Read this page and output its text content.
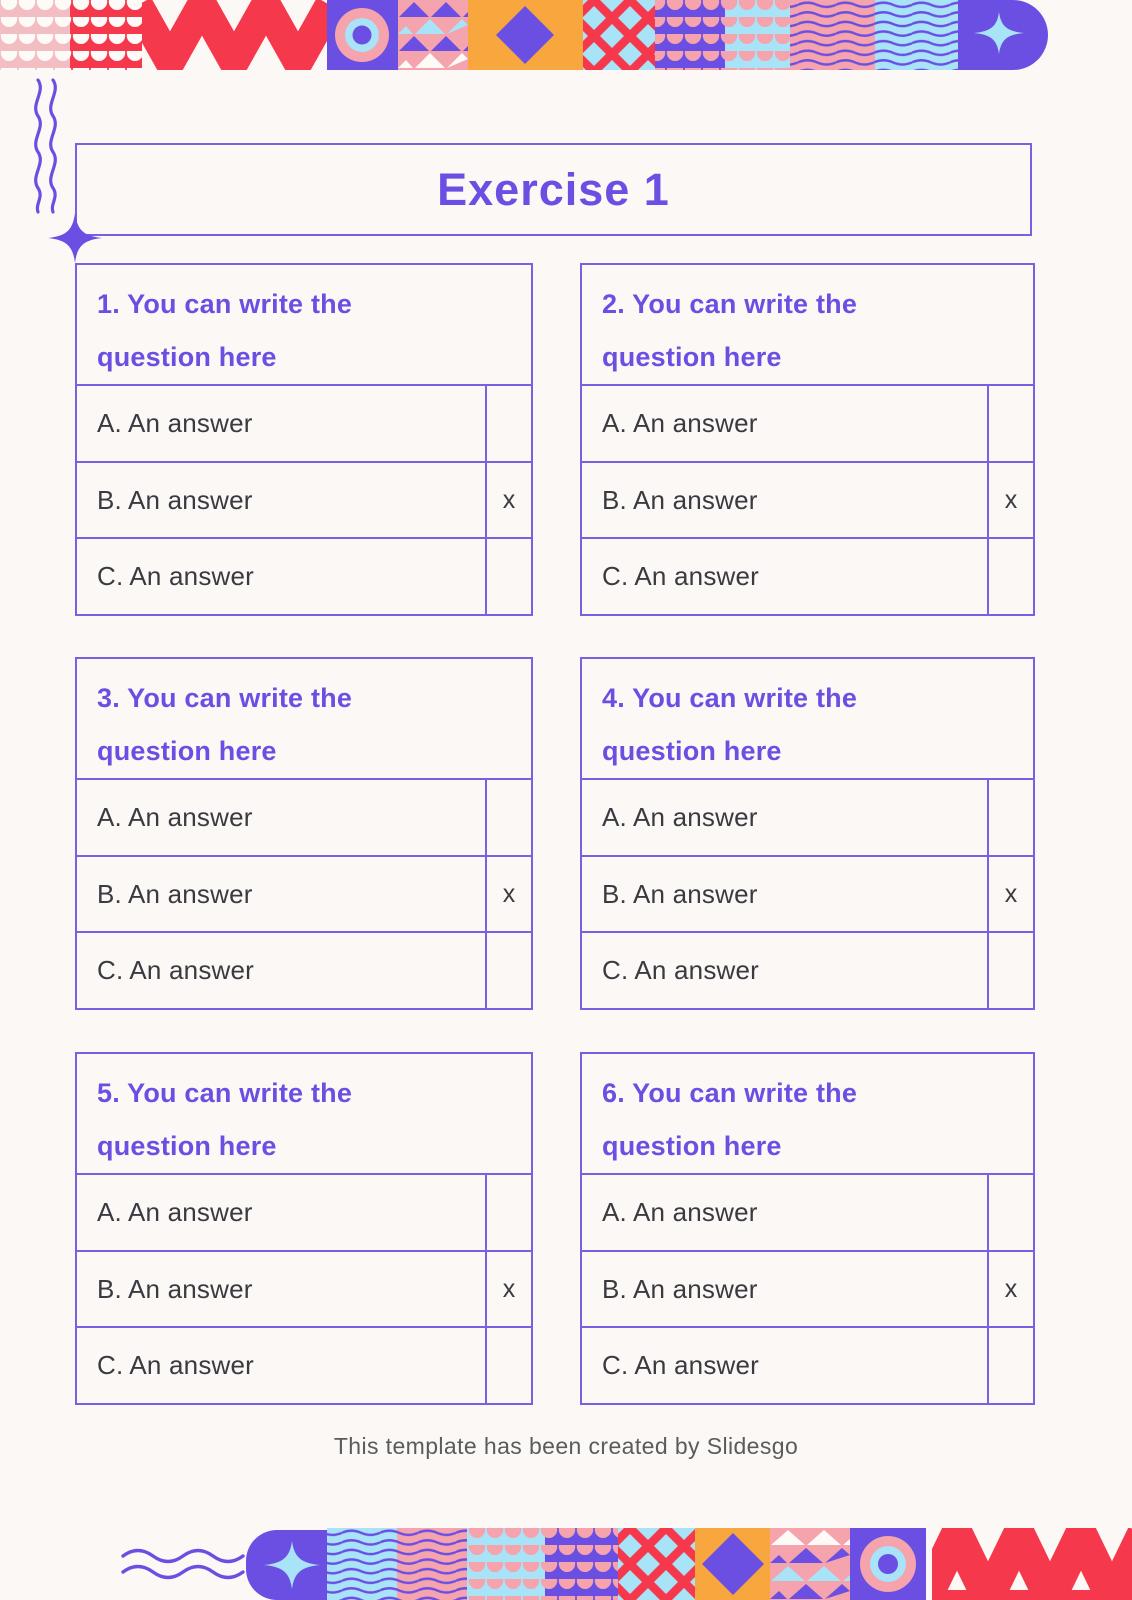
Exercise 1
1. You can write the question here
A. An answer
B. An answer	x
C. An answer
2. You can write the question here
A. An answer
B. An answer	x
C. An answer
3. You can write the question here
A. An answer
B. An answer	x
C. An answer
4. You can write the question here
A. An answer
B. An answer	x
C. An answer
5. You can write the question here
A. An answer
B. An answer	x
C. An answer
6. You can write the question here
A. An answer
B. An answer	x
C. An answer
This template has been created by Slidesgo
